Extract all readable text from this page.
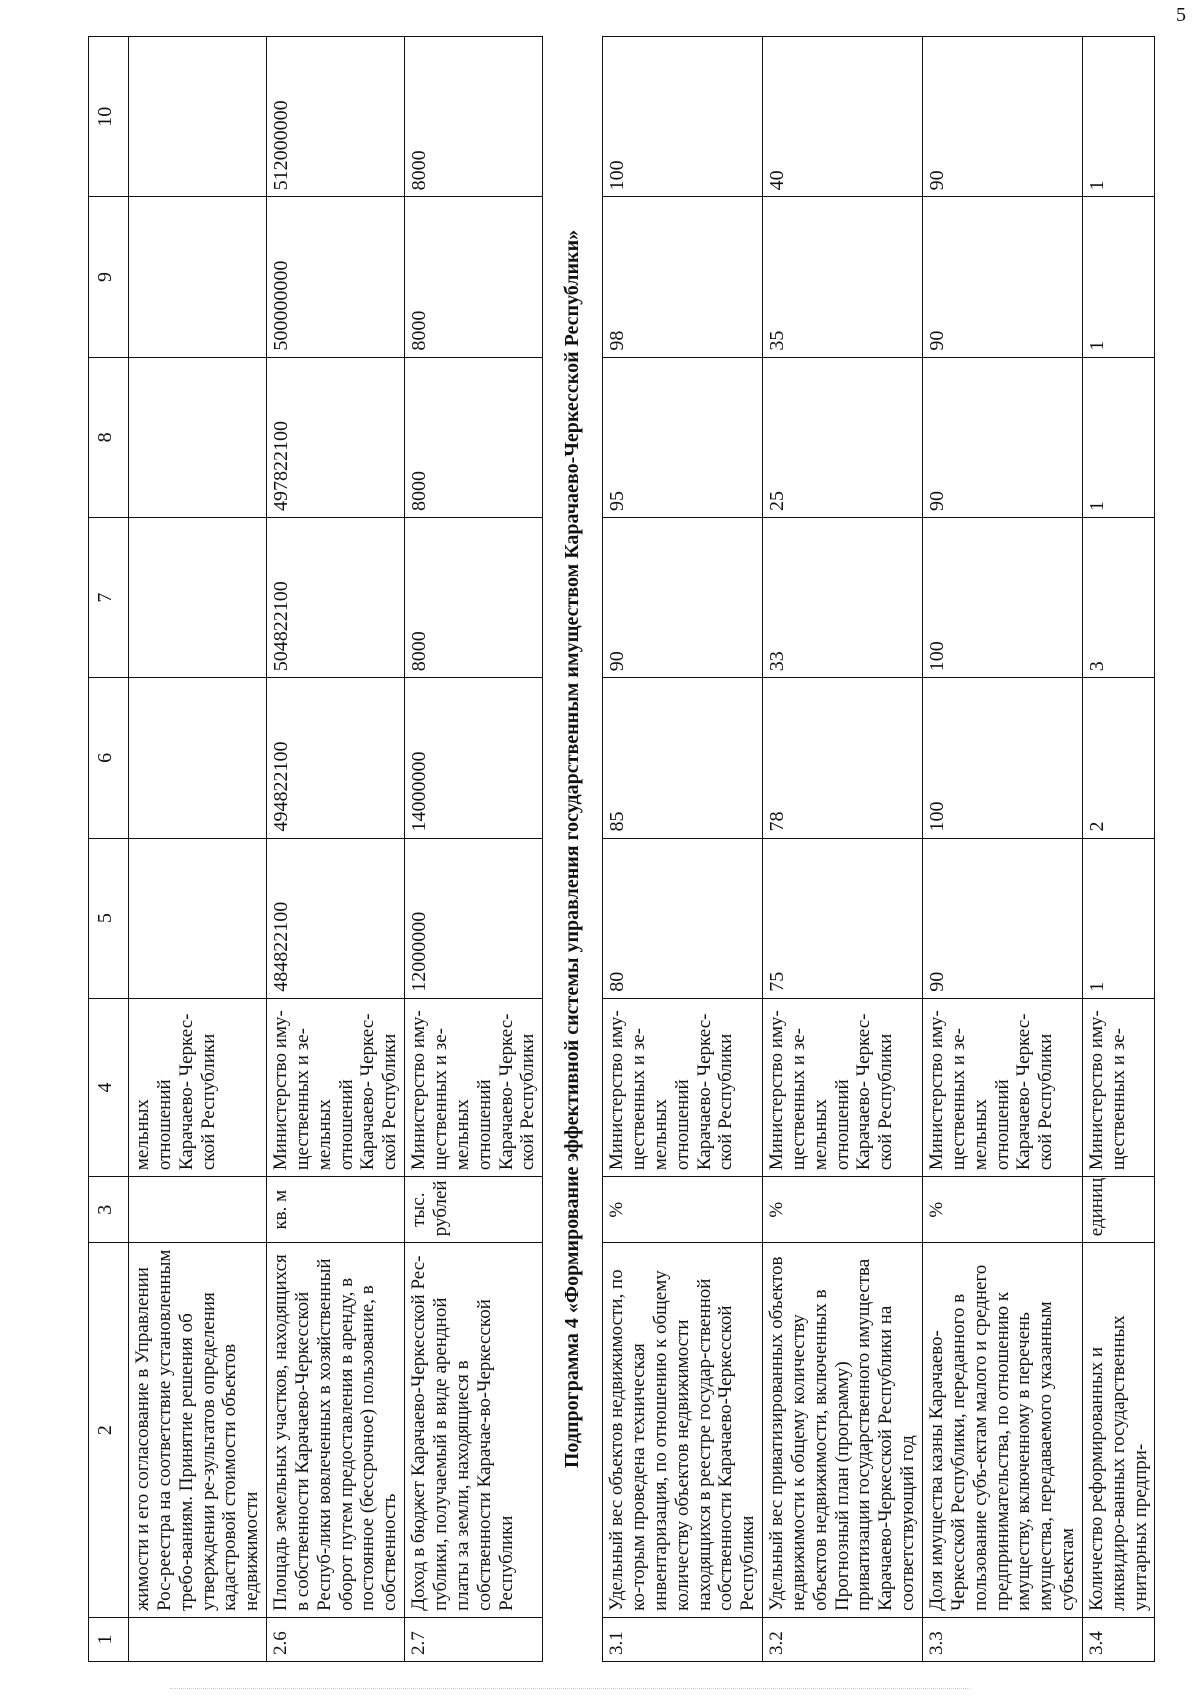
5
1	2	3	4	5	6	7	8	9	10
	жимости и его согласование в Управлении Рос-реестра на соответствие установленным требо-ваниям. Принятие решения об утверждении ре-зультатов определения кадастровой стоимости объектов недвижимости		мельных отношений Карачаево- Черкес-ской Республики						
2.6	Площадь земельных участков, находящихся в собственности Карачаево-Черкесской Респуб-лики вовлеченных в хозяйственный оборот путем предоставления в аренду, в постоянное (бессрочное) пользование, в собственность	кв. м	Министерство иму-щественных и зе-мельных отношений Карачаево- Черкес-ской Республики	484822100	494822100	504822100	497822100	500000000	512000000
2.7	Доход в бюджет Карачаево-Черкесской Рес-публики, получаемый в виде арендной платы за земли, находящиеся в собственности Карачае-во-Черкесской Республики	тыс. рублей	Министерство иму-щественных и зе-мельных отношений Карачаево- Черкес-ской Республики	12000000	14000000	8000	8000	8000	8000
Подпрограмма 4 «Формирование эффективной системы управления государственным имуществом Карачаево-Черкесской Республики»									
3.1	Удельный вес объектов недвижимости, по ко-торым проведена техническая инвентаризация, по отношению к общему количеству объектов недвижимости находящихся в реестре государ-ственной собственности Карачаево-Черкесской Республики	%	Министерство иму-щественных и зе-мельных отношений Карачаево- Черкес-ской Республики	80	85	90	95	98	100
3.2	Удельный вес приватизированных объектов недвижимости к общему количеству объектов недвижимости, включенных в Прогнозный план (программу) приватизации государственного имущества Карачаево-Черкесской Республики на соответствующий год	%	Министерство иму-щественных и зе-мельных отношений Карачаево- Черкес-ской Республики	75	78	33	25	35	40
3.3	Доля имущества казны Карачаево- Черкесской Республики, переданного в пользование субъ-ектам малого и среднего предпринимательства, по отношению к имуществу, включенному в перечень имущества, передаваемого указанным субъектам	%	Министерство иму-щественных и зе-мельных отношений Карачаево- Черкес-ской Республики	90	100	100	90	90	90
3.4	Количество реформированных и ликвидиро-ванных государственных унитарных предпри-	единиц	Министерство иму-щественных и зе-	1	2	3	1	1	1
